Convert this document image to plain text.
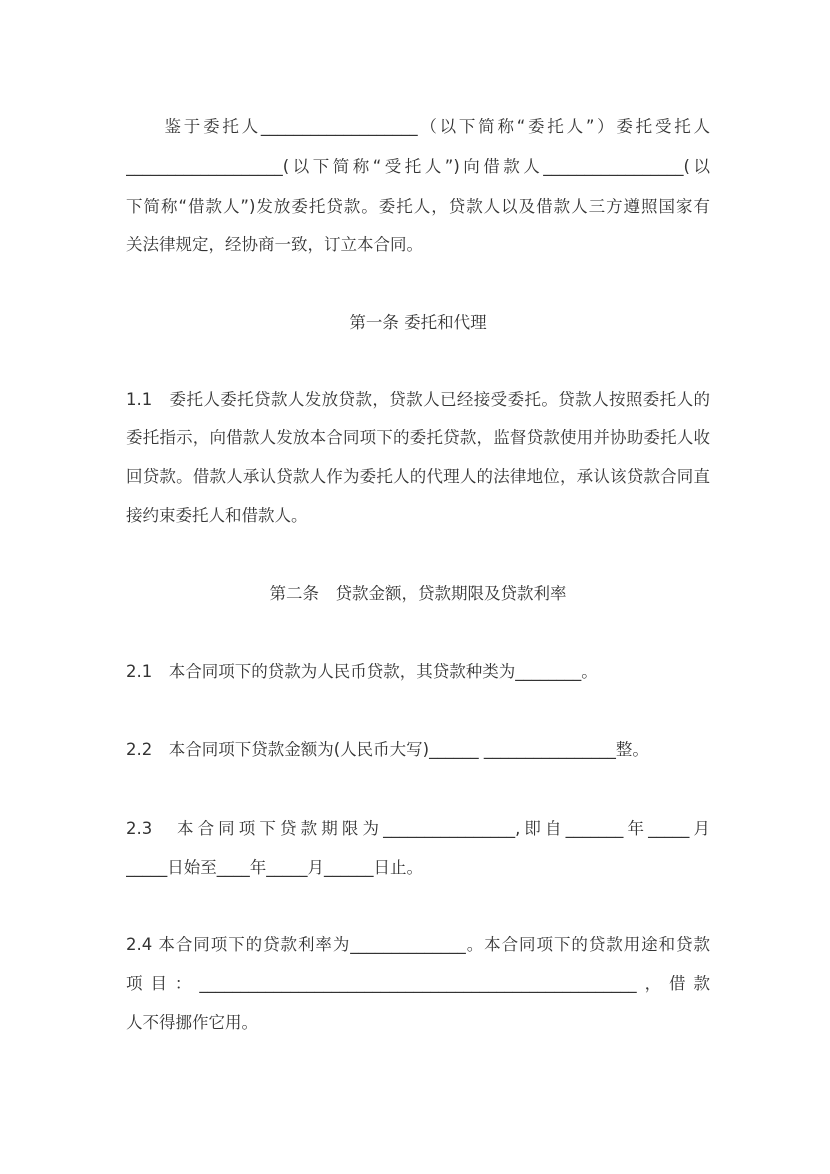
　　鉴于委托人___________________（以下简称“委托人”）委托受托人
___________________(以下简称“受托人”)向借款人_________________(以
下简称“借款人”)发放委托贷款。委托人，贷款人以及借款人三方遵照国家有
关法律规定，经协商一致，订立本合同。
第一条 委托和代理
1.1　委托人委托贷款人发放贷款，贷款人已经接受委托。贷款人按照委托人的
委托指示，向借款人发放本合同项下的委托贷款，监督贷款使用并协助委托人收
回贷款。借款人承认贷款人作为委托人的代理人的法律地位，承认该贷款合同直
接约束委托人和借款人。
第二条　贷款金额，贷款期限及贷款利率
2.1　本合同项下的贷款为人民币贷款，其贷款种类为________。
2.2　本合同项下贷款金额为(人民币大写)______ ________________整。
2.3　本合同项下贷款期限为________________,即自_______年_____月
_____日始至____年_____月______日止。
2.4 本合同项下的贷款利率为______________。本合同项下的贷款用途和贷款
项目：_____________________________________________________，借款
人不得挪作它用。
